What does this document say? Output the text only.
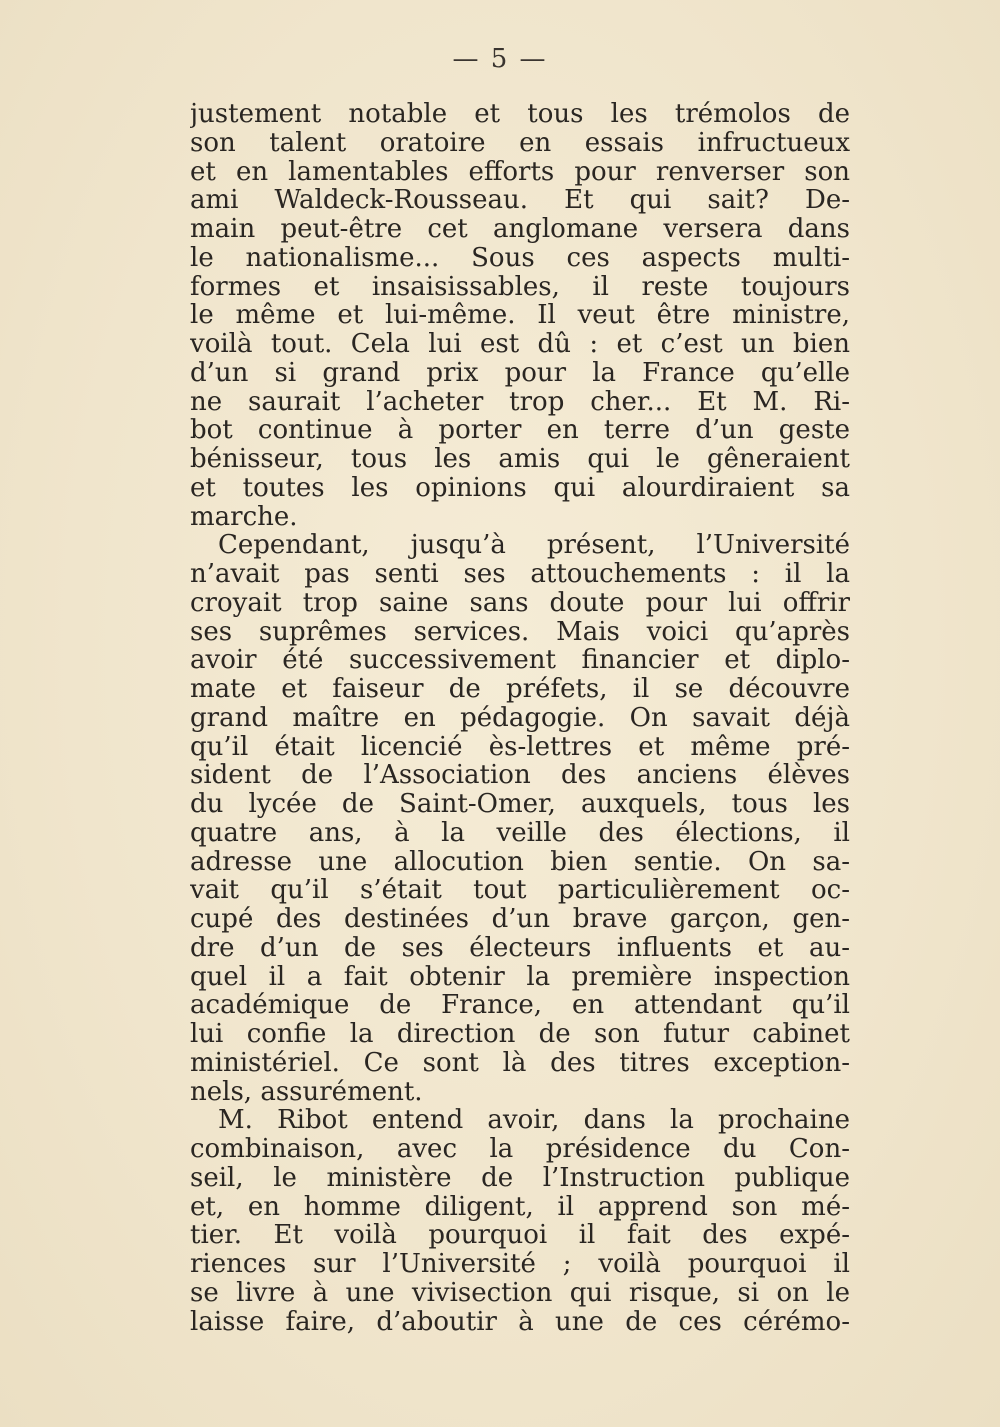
— 5 —
justement notable et tous les trémolos de
son talent oratoire en essais infructueux
et en lamentables efforts pour renverser son
ami Waldeck-Rousseau. Et qui sait? De-
main peut-être cet anglomane versera dans
le nationalisme... Sous ces aspects multi-
formes et insaisissables, il reste toujours
le même et lui-même. Il veut être ministre,
voilà tout. Cela lui est dû : et c’est un bien
d’un si grand prix pour la France qu’elle
ne saurait l’acheter trop cher... Et M. Ri-
bot continue à porter en terre d’un geste
bénisseur, tous les amis qui le gêneraient
et toutes les opinions qui alourdiraient sa
marche.
Cependant, jusqu’à présent, l’Université
n’avait pas senti ses attouchements : il la
croyait trop saine sans doute pour lui offrir
ses suprêmes services. Mais voici qu’après
avoir été successivement financier et diplo-
mate et faiseur de préfets, il se découvre
grand maître en pédagogie. On savait déjà
qu’il était licencié ès-lettres et même pré-
sident de l’Association des anciens élèves
du lycée de Saint-Omer, auxquels, tous les
quatre ans, à la veille des élections, il
adresse une allocution bien sentie. On sa-
vait qu’il s’était tout particulièrement oc-
cupé des destinées d’un brave garçon, gen-
dre d’un de ses électeurs influents et au-
quel il a fait obtenir la première inspection
académique de France, en attendant qu’il
lui confie la direction de son futur cabinet
ministériel. Ce sont là des titres exception-
nels, assurément.
M. Ribot entend avoir, dans la prochaine
combinaison, avec la présidence du Con-
seil, le ministère de l’Instruction publique
et, en homme diligent, il apprend son mé-
tier. Et voilà pourquoi il fait des expé-
riences sur l’Université ; voilà pourquoi il
se livre à une vivisection qui risque, si on le
laisse faire, d’aboutir à une de ces cérémo-
